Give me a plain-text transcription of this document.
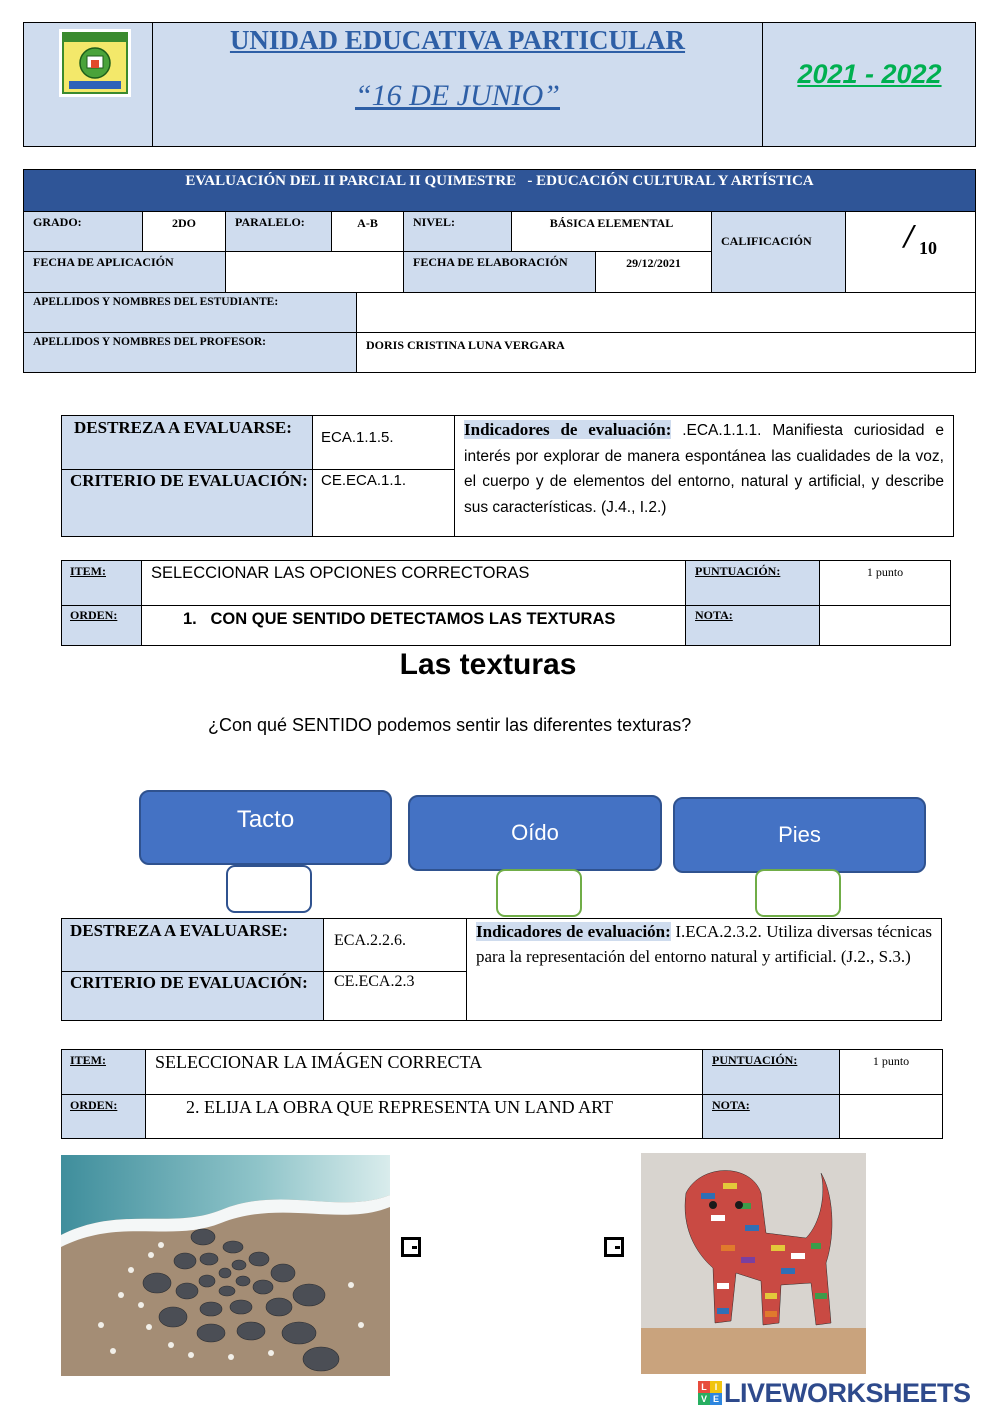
UNIDAD EDUCATIVA PARTICULAR
“16 DE JUNIO”
2021 - 2022
EVALUACIÓN DEL II PARCIAL II QUIMESTRE   - EDUCACIÓN CULTURAL Y ARTÍSTICA
GRADO:	2DO	PARALELO:	A-B	NIVEL:	BÁSICA ELEMENTAL
CALIFICACIÓN	/ 10
FECHA DE APLICACIÓN	FECHA DE ELABORACIÓN	29/12/2021
APELLIDOS Y NOMBRES DEL ESTUDIANTE:
APELLIDOS Y NOMBRES DEL PROFESOR:	DORIS CRISTINA LUNA VERGARA
DESTREZA A EVALUARSE:
ECA.1.1.5.
CRITERIO DE EVALUACIÓN: CE.ECA.1.1.
Indicadores de evaluación: .ECA.1.1.1. Manifiesta curiosidad e interés por explorar de manera espontánea las cualidades de la voz, el cuerpo y de elementos del entorno, natural y artificial, y describe sus características. (J.4., I.2.)
ITEM:	SELECCIONAR LAS OPCIONES CORRECTORAS	PUNTUACIÓN:	1 punto
ORDEN:	1.   CON QUE SENTIDO DETECTAMOS LAS TEXTURAS	NOTA:
Las texturas
¿Con qué SENTIDO podemos sentir las diferentes texturas?
Tacto	Oído	Pies
DESTREZA A EVALUARSE:
ECA.2.2.6.
CRITERIO DE EVALUACIÓN: CE.ECA.2.3
Indicadores de evaluación: I.ECA.2.3.2. Utiliza diversas técnicas para la representación del entorno natural y artificial. (J.2., S.3.)
ITEM:	SELECCIONAR LA IMÁGEN CORRECTA	PUNTUACIÓN:	1 punto
ORDEN:	2. ELIJA LA OBRA QUE REPRESENTA UN LAND ART	NOTA:
L I
V E LIVEWORKSHEETS
